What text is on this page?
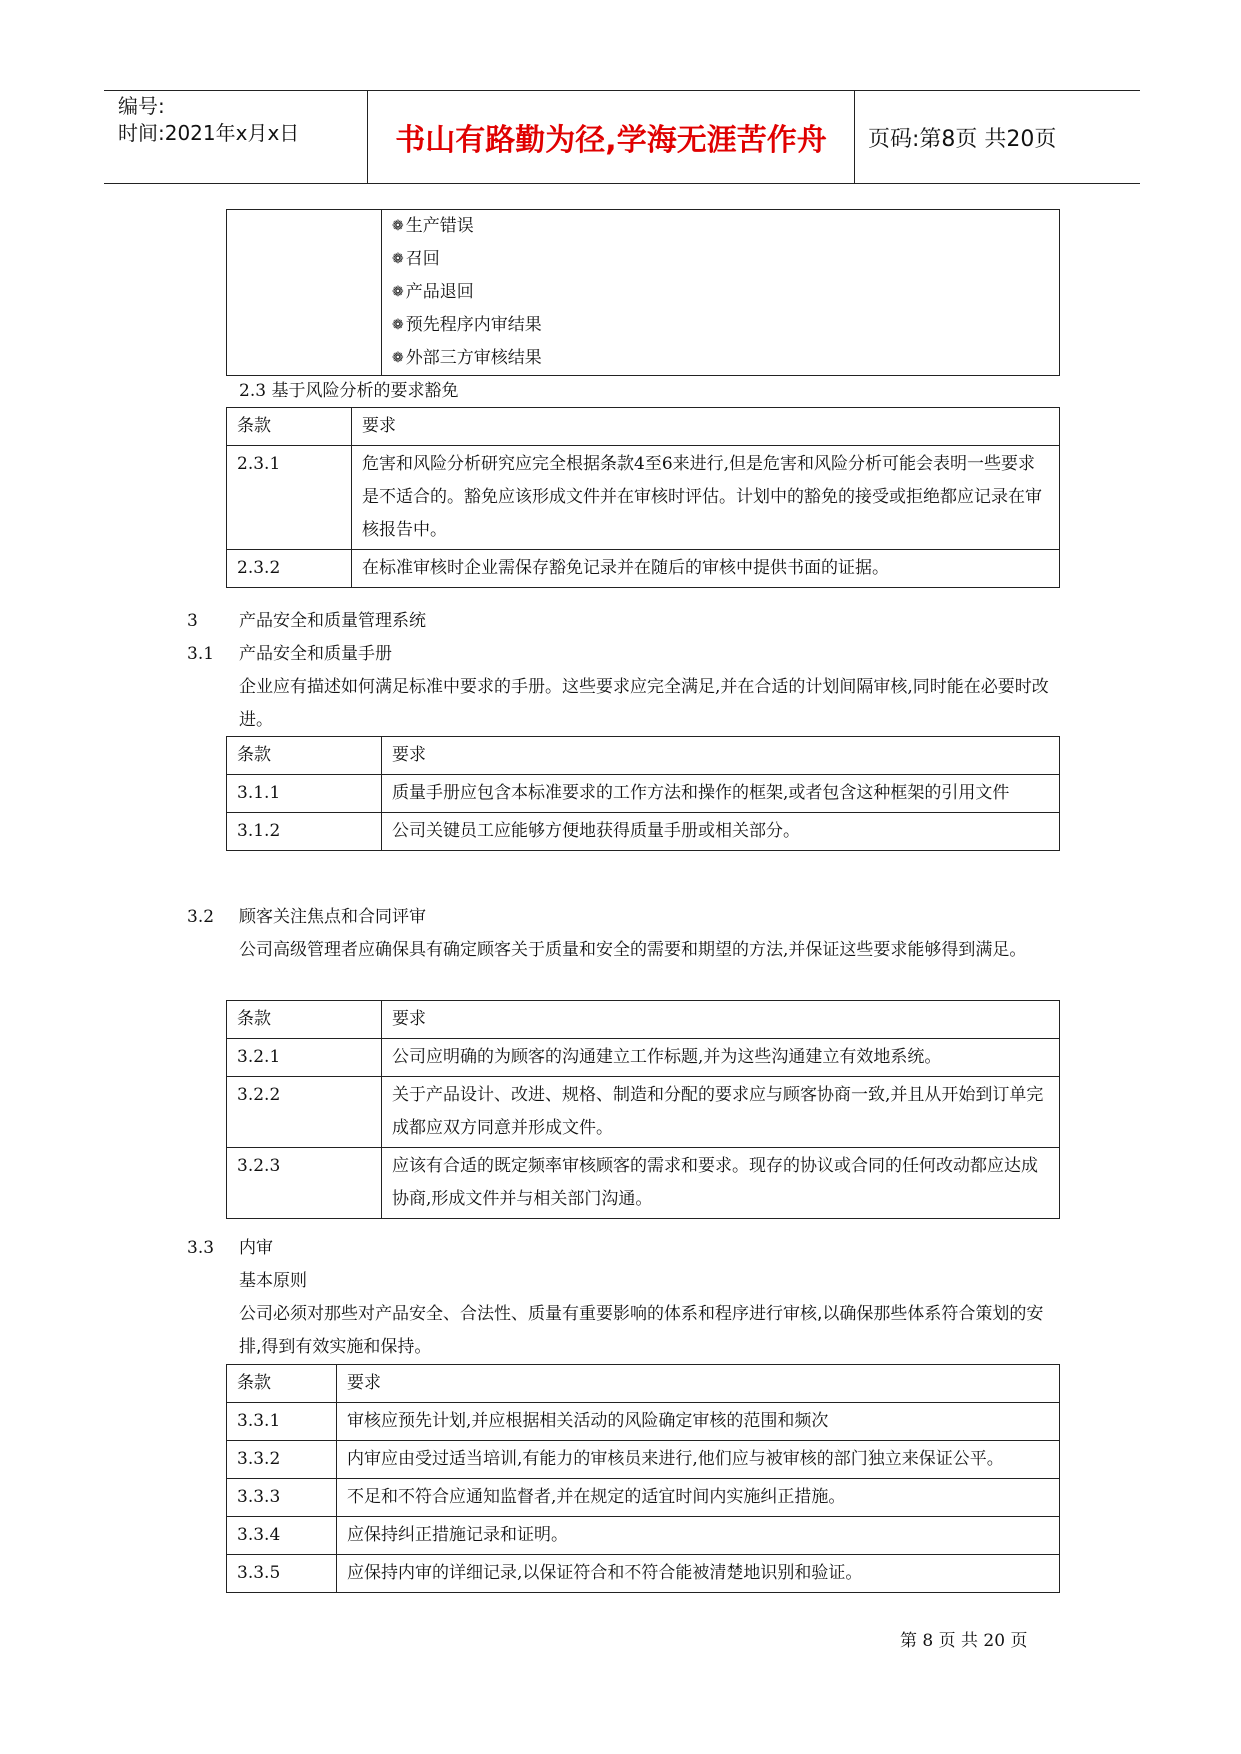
编号:
时间:2021年x月x日	书山有路勤为径,学海无涯苦作舟	页码:第8页 共20页

❁ 生产错误
❁ 召回
❁ 产品退回
❁ 预先程序内审结果
❁ 外部三方审核结果
2.3 基于风险分析的要求豁免
条款	要求
2.3.1	危害和风险分析研究应完全根据条款4至6来进行,但是危害和风险分析可能会表明一些要求是不适合的。豁免应该形成文件并在审核时评估。计划中的豁免的接受或拒绝都应记录在审核报告中。
2.3.2	在标准审核时企业需保存豁免记录并在随后的审核中提供书面的证据。
3 产品安全和质量管理系统
3.1 产品安全和质量手册
企业应有描述如何满足标准中要求的手册。这些要求应完全满足,并在合适的计划间隔审核,同时能在必要时改进。
条款	要求
3.1.1	质量手册应包含本标准要求的工作方法和操作的框架,或者包含这种框架的引用文件
3.1.2	公司关键员工应能够方便地获得质量手册或相关部分。
3.2 顾客关注焦点和合同评审
公司高级管理者应确保具有确定顾客关于质量和安全的需要和期望的方法,并保证这些要求能够得到满足。
条款	要求
3.2.1	公司应明确的为顾客的沟通建立工作标题,并为这些沟通建立有效地系统。
3.2.2	关于产品设计、改进、规格、制造和分配的要求应与顾客协商一致,并且从开始到订单完成都应双方同意并形成文件。
3.2.3	应该有合适的既定频率审核顾客的需求和要求。现存的协议或合同的任何改动都应达成协商,形成文件并与相关部门沟通。
3.3 内审
基本原则
公司必须对那些对产品安全、合法性、质量有重要影响的体系和程序进行审核,以确保那些体系符合策划的安排,得到有效实施和保持。
条款	要求
3.3.1	审核应预先计划,并应根据相关活动的风险确定审核的范围和频次
3.3.2	内审应由受过适当培训,有能力的审核员来进行,他们应与被审核的部门独立来保证公平。
3.3.3	不足和不符合应通知监督者,并在规定的适宜时间内实施纠正措施。
3.3.4	应保持纠正措施记录和证明。
3.3.5	应保持内审的详细记录,以保证符合和不符合能被清楚地识别和验证。
第 8 页 共 20 页
